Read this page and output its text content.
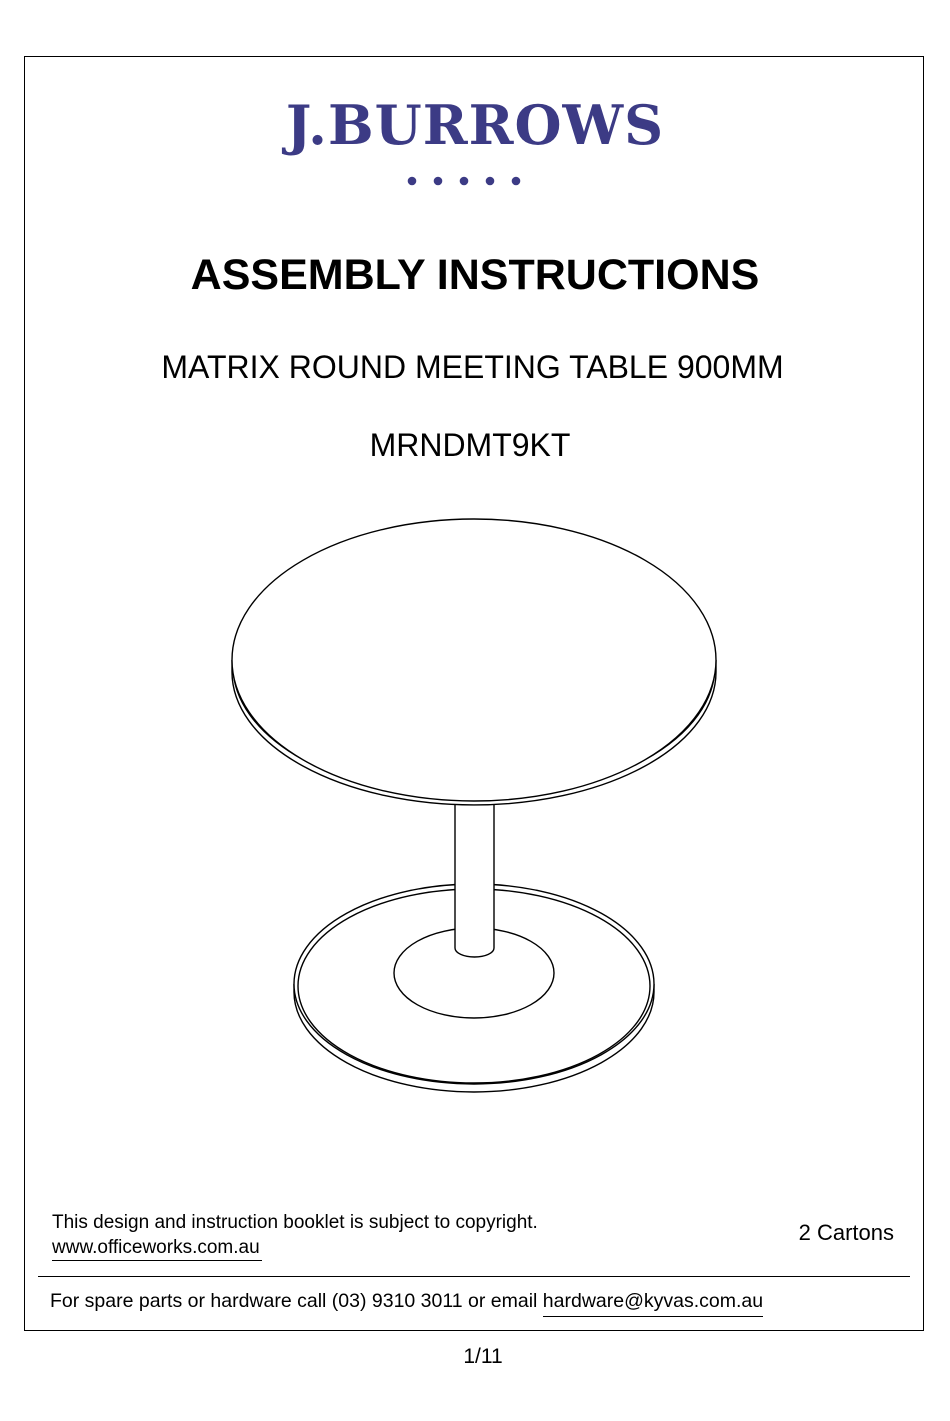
J.BURROWS
ASSEMBLY INSTRUCTIONS
MATRIX ROUND MEETING TABLE 900MM
MRNDMT9KT
This design and instruction booklet is subject to copyright.
www.officeworks.com.au
2 Cartons
For spare parts or hardware call (03) 9310 3011 or email hardware@kyvas.com.au
1/11
